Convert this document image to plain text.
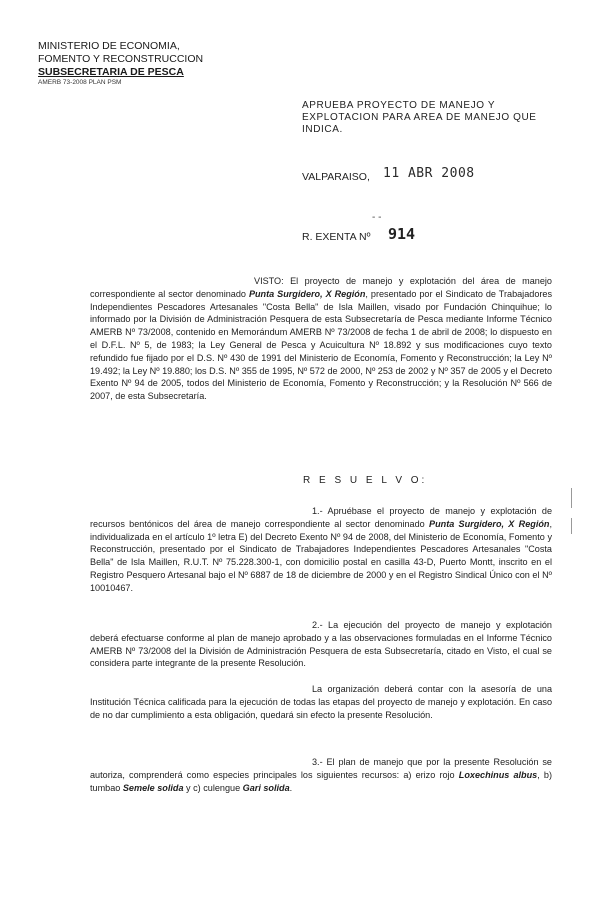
MINISTERIO DE ECONOMIA,
FOMENTO Y RECONSTRUCCION
SUBSECRETARIA DE PESCA
AMERB 73-2008 PLAN PSM
APRUEBA PROYECTO DE MANEJO Y EXPLOTACION PARA AREA DE MANEJO QUE INDICA.
VALPARAISO, 11 ABR 2008
- -
R. EXENTA Nº 914

VISTO: El proyecto de manejo y explotación del área de manejo correspondiente al sector denominado Punta Surgidero, X Región, presentado por el Sindicato de Trabajadores Independientes Pescadores Artesanales "Costa Bella" de Isla Maillen, visado por Fundación Chinquihue; lo informado por la División de Administración Pesquera de esta Subsecretaría de Pesca mediante Informe Técnico AMERB Nº 73/2008, contenido en Memorándum AMERB Nº 73/2008 de fecha 1 de abril de 2008; lo dispuesto en el D.F.L. Nº 5, de 1983; la Ley General de Pesca y Acuicultura Nº 18.892 y sus modificaciones cuyo texto refundido fue fijado por el D.S. Nº 430 de 1991 del Ministerio de Economía, Fomento y Reconstrucción; la Ley Nº 19.492; la Ley Nº 19.880; los D.S. Nº 355 de 1995, Nº 572 de 2000, Nº 253 de 2002 y Nº 357 de 2005 y el Decreto Exento Nº 94 de 2005, todos del Ministerio de Economía, Fomento y Reconstrucción; y la Resolución Nº 566 de 2007, de esta Subsecretaría.

R E S U E L V O:

1.- Apruébase el proyecto de manejo y explotación de recursos bentónicos del área de manejo correspondiente al sector denominado Punta Surgidero, X Región, individualizada en el artículo 1º letra E) del Decreto Exento Nº 94 de 2008, del Ministerio de Economía, Fomento y Reconstrucción, presentado por el Sindicato de Trabajadores Independientes Pescadores Artesanales "Costa Bella" de Isla Maillen, R.U.T. Nº 75.228.300-1, con domicilio postal en casilla 43-D, Puerto Montt, inscrito en el Registro Pesquero Artesanal bajo el Nº 6887 de 18 de diciembre de 2000 y en el Registro Sindical Único con el Nº 10010467.

2.- La ejecución del proyecto de manejo y explotación deberá efectuarse conforme al plan de manejo aprobado y a las observaciones formuladas en el Informe Técnico AMERB Nº 73/2008 del la División de Administración Pesquera de esta Subsecretaría, citado en Visto, el cual se considera parte integrante de la presente Resolución.

La organización deberá contar con la asesoría de una Institución Técnica calificada para la ejecución de todas las etapas del proyecto de manejo y explotación. En caso de no dar cumplimiento a esta obligación, quedará sin efecto la presente Resolución.

3.- El plan de manejo que por la presente Resolución se autoriza, comprenderá como especies principales los siguientes recursos: a) erizo rojo Loxechinus albus, b) tumbao Semele solida y c) culengue Gari solida.
